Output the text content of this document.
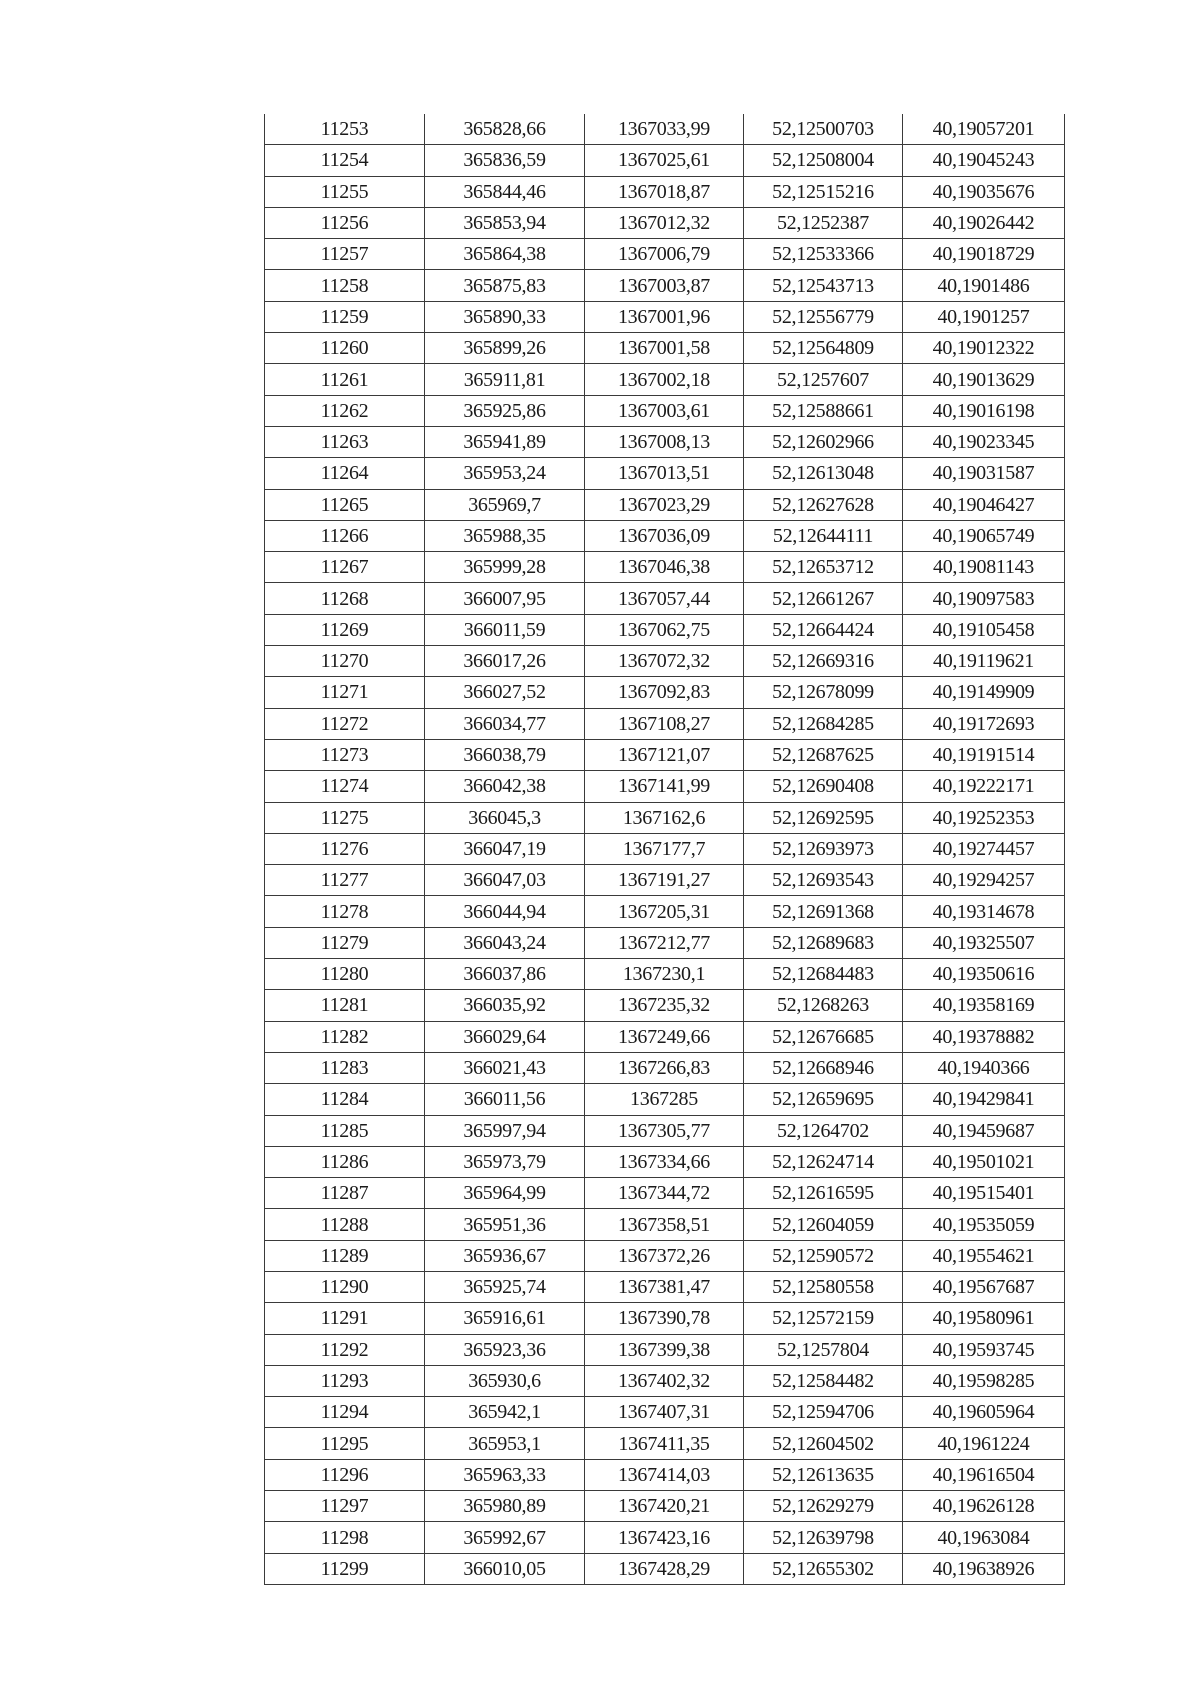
11253	365828,66	1367033,99	52,12500703	40,19057201
11254	365836,59	1367025,61	52,12508004	40,19045243
11255	365844,46	1367018,87	52,12515216	40,19035676
11256	365853,94	1367012,32	52,1252387	40,19026442
11257	365864,38	1367006,79	52,12533366	40,19018729
11258	365875,83	1367003,87	52,12543713	40,1901486
11259	365890,33	1367001,96	52,12556779	40,1901257
11260	365899,26	1367001,58	52,12564809	40,19012322
11261	365911,81	1367002,18	52,1257607	40,19013629
11262	365925,86	1367003,61	52,12588661	40,19016198
11263	365941,89	1367008,13	52,12602966	40,19023345
11264	365953,24	1367013,51	52,12613048	40,19031587
11265	365969,7	1367023,29	52,12627628	40,19046427
11266	365988,35	1367036,09	52,12644111	40,19065749
11267	365999,28	1367046,38	52,12653712	40,19081143
11268	366007,95	1367057,44	52,12661267	40,19097583
11269	366011,59	1367062,75	52,12664424	40,19105458
11270	366017,26	1367072,32	52,12669316	40,19119621
11271	366027,52	1367092,83	52,12678099	40,19149909
11272	366034,77	1367108,27	52,12684285	40,19172693
11273	366038,79	1367121,07	52,12687625	40,19191514
11274	366042,38	1367141,99	52,12690408	40,19222171
11275	366045,3	1367162,6	52,12692595	40,19252353
11276	366047,19	1367177,7	52,12693973	40,19274457
11277	366047,03	1367191,27	52,12693543	40,19294257
11278	366044,94	1367205,31	52,12691368	40,19314678
11279	366043,24	1367212,77	52,12689683	40,19325507
11280	366037,86	1367230,1	52,12684483	40,19350616
11281	366035,92	1367235,32	52,1268263	40,19358169
11282	366029,64	1367249,66	52,12676685	40,19378882
11283	366021,43	1367266,83	52,12668946	40,1940366
11284	366011,56	1367285	52,12659695	40,19429841
11285	365997,94	1367305,77	52,1264702	40,19459687
11286	365973,79	1367334,66	52,12624714	40,19501021
11287	365964,99	1367344,72	52,12616595	40,19515401
11288	365951,36	1367358,51	52,12604059	40,19535059
11289	365936,67	1367372,26	52,12590572	40,19554621
11290	365925,74	1367381,47	52,12580558	40,19567687
11291	365916,61	1367390,78	52,12572159	40,19580961
11292	365923,36	1367399,38	52,1257804	40,19593745
11293	365930,6	1367402,32	52,12584482	40,19598285
11294	365942,1	1367407,31	52,12594706	40,19605964
11295	365953,1	1367411,35	52,12604502	40,1961224
11296	365963,33	1367414,03	52,12613635	40,19616504
11297	365980,89	1367420,21	52,12629279	40,19626128
11298	365992,67	1367423,16	52,12639798	40,1963084
11299	366010,05	1367428,29	52,12655302	40,19638926
